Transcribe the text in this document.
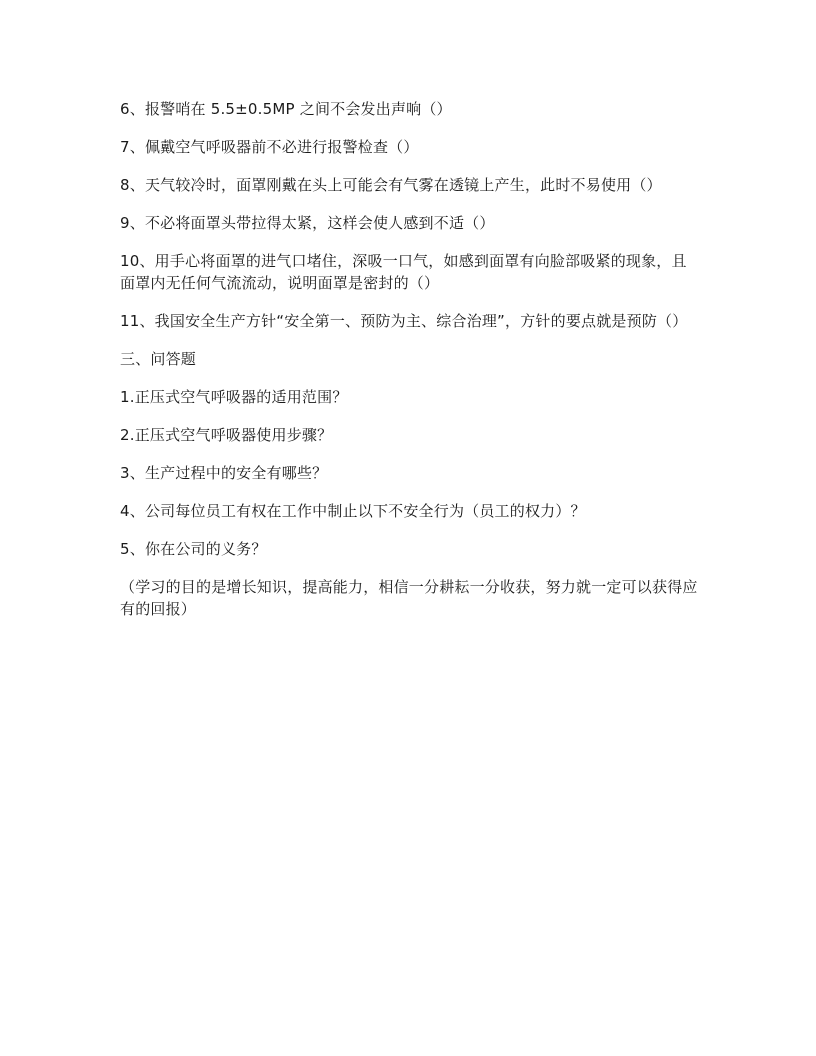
6、报警哨在 5.5±0.5MP 之间不会发出声响（）

7、佩戴空气呼吸器前不必进行报警检查（）

8、天气较冷时，面罩刚戴在头上可能会有气雾在透镜上产生，此时不易使用（）

9、不必将面罩头带拉得太紧，这样会使人感到不适（）

10、用手心将面罩的进气口堵住，深吸一口气，如感到面罩有向脸部吸紧的现象，且面罩内无任何气流流动，说明面罩是密封的（）

11、我国安全生产方针“安全第一、预防为主、综合治理”，方针的要点就是预防（）

三、问答题

1.正压式空气呼吸器的适用范围？

2.正压式空气呼吸器使用步骤？

3、生产过程中的安全有哪些？

4、公司每位员工有权在工作中制止以下不安全行为（员工的权力）？

5、你在公司的义务？

（学习的目的是增长知识，提高能力，相信一分耕耘一分收获，努力就一定可以获得应有的回报）
